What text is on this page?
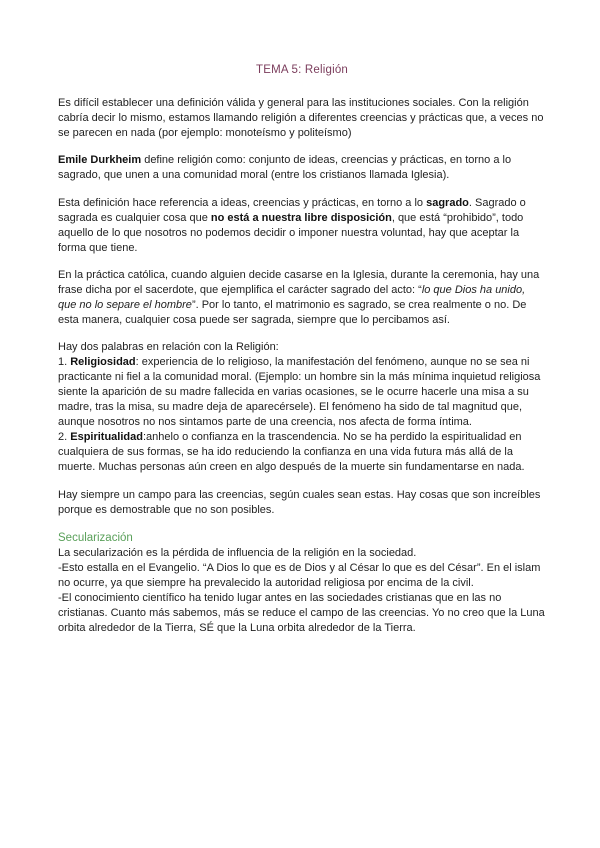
TEMA 5: Religión

Es difícil establecer una definición válida y general para las instituciones sociales. Con la religión cabría decir lo mismo, estamos llamando religión a diferentes creencias y prácticas que, a veces no se parecen en nada (por ejemplo: monoteísmo y politeísmo)

Emile Durkheim define religión como: conjunto de ideas, creencias y prácticas, en torno a lo sagrado, que unen a una comunidad moral (entre los cristianos llamada Iglesia).

Esta definición hace referencia a ideas, creencias y prácticas, en torno a lo sagrado. Sagrado o sagrada es cualquier cosa que no está a nuestra libre disposición, que está “prohibido”, todo aquello de lo que nosotros no podemos decidir o imponer nuestra voluntad, hay que aceptar la forma que tiene.

En la práctica católica, cuando alguien decide casarse en la Iglesia, durante la ceremonia, hay una frase dicha por el sacerdote, que ejemplifica el carácter sagrado del acto: “lo que Dios ha unido, que no lo separe el hombre”. Por lo tanto, el matrimonio es sagrado, se crea realmente o no. De esta manera, cualquier cosa puede ser sagrada, siempre que lo percibamos así.

Hay dos palabras en relación con la Religión:
1. Religiosidad: experiencia de lo religioso, la manifestación del fenómeno, aunque no se sea ni practicante ni fiel a la comunidad moral. (Ejemplo: un hombre sin la más mínima inquietud religiosa siente la aparición de su madre fallecida en varias ocasiones, se le ocurre hacerle una misa a su madre, tras la misa, su madre deja de aparecérsele). El fenómeno ha sido de tal magnitud que, aunque nosotros no nos sintamos parte de una creencia, nos afecta de forma íntima.
2. Espiritualidad:anhelo o confianza en la trascendencia. No se ha perdido la espiritualidad en cualquiera de sus formas, se ha ido reduciendo la confianza en una vida futura más allá de la muerte. Muchas personas aún creen en algo después de la muerte sin fundamentarse en nada.

Hay siempre un campo para las creencias, según cuales sean estas. Hay cosas que son increíbles porque es demostrable que no son posibles.

Secularización

La secularización es la pérdida de influencia de la religión en la sociedad.
-Esto estalla en el Evangelio. “A Dios lo que es de Dios y al César lo que es del César”. En el islam no ocurre, ya que siempre ha prevalecido la autoridad religiosa por encima de la civil.
-El conocimiento científico ha tenido lugar antes en las sociedades cristianas que en las no cristianas. Cuanto más sabemos, más se reduce el campo de las creencias. Yo no creo que la Luna orbita alrededor de la Tierra, SÉ que la Luna orbita alrededor de la Tierra.
